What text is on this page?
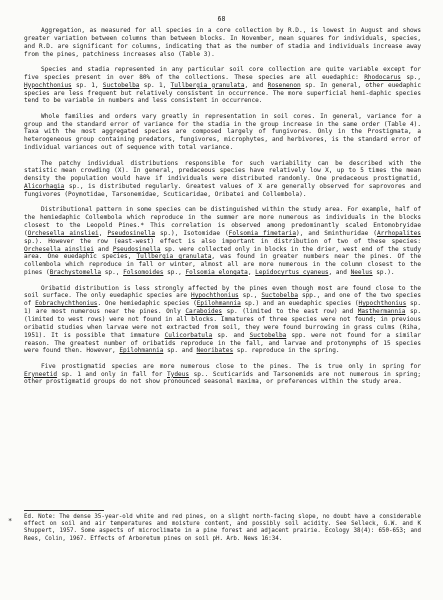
68

Aggregation, as measured for all species in a core collection by R.D., is lowest in August and shows greater variation between columns than between blocks. In November, mean squares for individuals, species, and R.D. are significant for columns, indicating that as the number of stadia and individuals increase away from the pines, patchiness increases also (Table 3).

Species and stadia represented in any particular soil core collection are quite variable except for five species present in over 80% of the collections. These species are all euedaphic: Rhodocarus sp., Hypochthonius sp. 1, Suctobelba sp. 1, Tullbergia granulata, and Rosenenon sp. In general, other euedaphic species are less frequent but relatively consistent in occurrence. The more superficial hemi-daphic species tend to be variable in numbers and less consistent in occurrence.

Whole families and orders vary greatly in representation in soil cores. In general, variance for a group and the standard error of variance for the stadia in the group increase in the same order (Table 4). Taxa with the most aggregated species are composed largely of fungivores. Only in the Prostigmata, a heterogeneous group containing predators, fungivores, microphytes, and herbivores, is the standard error of individual variances out of sequence with total variance.

The patchy individual distributions responsible for such variability can be described with the statistic mean crowding (X). In general, predaceous species have relatively low X, up to 5 times the mean density the population would have if individuals were distributed randomly. One predaceous prostigmatid, Alicorhagia sp., is distributed regularly. Greatest values of X are generally observed for saprovores and fungivores (Poymotidae, Tarsonemidae, Scuticaridae, Oribatei and Collembola).

Distributional pattern in some species can be distinguished within the study area. For example, half of the hemiedaphic Collembola which reproduce in the summer are more numerous as individuals in the blocks closest to the Leopold Pines.* This correlation is observed among predominantly scaled Entomobryidae (Orchesella ainsliei, Pseudosinella sp.), Isotomidae (Folsomia fimetaria), and Sminthuridae (Arrhopalites sp.). However the row (east-west) effect is also important in distribution of two of these species: Orchesella ainsliei and Pseudosinella sp. were collected only in blocks in the drier, west end of the study area. One euedaphic species, Tullbergia granulata, was found in greater numbers near the pines. Of the collembola which reproduce in fall or winter, almost all are more numerous in the column closest to the pines (Brachystomella sp., Folsomoides sp., Folsomia elongata, Lepidocyrtus cyaneus, and Neelus sp.).

Oribatid distribution is less strongly affected by the pines even though most are found close to the soil surface. The only euedaphic species are Hypochthonius sp., Suctobelba spp., and one of the two species of Eobrachychthonius. One hemiedaphic species (Epilohmannia sp.) and an euedaphic species (Hypochthonius sp. 1) are most numerous near the pines. Only Caraboides sp. (limited to the east row) and Masthermannia sp. (limited to west rows) were not found in all blocks. Immatures of three species were not found; in previous oribatid studies when larvae were not extracted from soil, they were found burrowing in grass culms (Riha, 1951). It is possible that immature Culicorbatula sp. and Suctobelba spp. were not found for a similar reason. The greatest number of oribatids reproduce in the fall, and larvae and protonymphs of 15 species were found then. However, Epilohmannia sp. and Neoribates sp. reproduce in the spring.

Five prostigmatid species are more numerous close to the pines. The is true only in spring for Eryneetid sp. 1 and only in fall for Tydeus sp.. Scuticarids and Tarsonemids are not numerous in spring; other prostigmatid groups do not show pronounced seasonal maxima, or preferences within the study area.

* Ed. Note: The dense 35-year-old white and red pines, on a slight north-facing slope, no doubt have a considerable effect on soil and air temperatures and moisture content, and possibly soil acidity. See Selleck, G.W. and K Shuppert, 1957. Some aspects of microclimate in a pine forest and adjacent prairie. Ecology 38(4): 650-653; and Rees, Colin, 1967. Effects of Arboretum pines on soil pH. Arb. News 16:34.
